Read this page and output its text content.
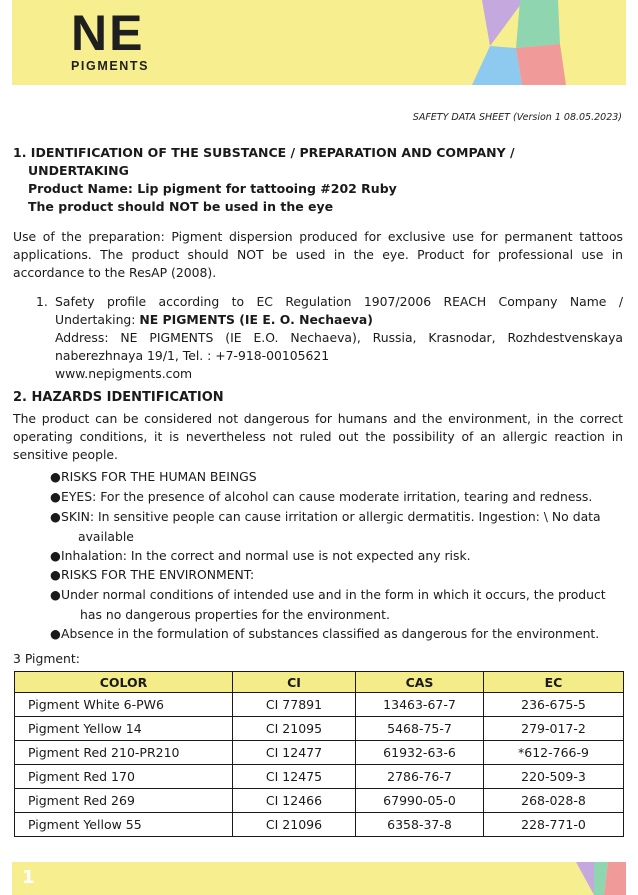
NE
PIGMENTS
SAFETY DATA SHEET (Version 1 08.05.2023)
1. IDENTIFICATION OF THE SUBSTANCE / PREPARATION AND COMPANY /
UNDERTAKING
Product Name: Lip pigment for tattooing #202 Ruby
The product should NOT be used in the eye
Use of the preparation: Pigment dispersion produced for exclusive use for permanent tattoos applications. The product should NOT be used in the eye. Product for professional use in accordance to the ResAP (2008).
1. Safety profile according to EC Regulation 1907/2006 REACH Company Name /
Undertaking: NE PIGMENTS (IE E. O. Nechaeva)
Address: NE PIGMENTS (IE E.O. Nechaeva), Russia, Krasnodar, Rozhdestvenskaya
naberezhnaya 19/1, Tel. : +7-918-00105621
www.nepigments.com
2. HAZARDS IDENTIFICATION
The product can be considered not dangerous for humans and the environment, in the correct operating conditions, it is nevertheless not ruled out the possibility of an allergic reaction in sensitive people.
●RISKS FOR THE HUMAN BEINGS
●EYES: For the presence of alcohol can cause moderate irritation, tearing and redness.
●SKIN: In sensitive people can cause irritation or allergic dermatitis. Ingestion: \ No data
available
●Inhalation: In the correct and normal use is not expected any risk.
●RISKS FOR THE ENVIRONMENT:
●Under normal conditions of intended use and in the form in which it occurs, the product
has no dangerous properties for the environment.
●Absence in the formulation of substances classified as dangerous for the environment.
3 Pigment:
COLOR	CI	CAS	EC
Pigment White 6-PW6	CI 77891	13463-67-7	236-675-5
Pigment Yellow 14	CI 21095	5468-75-7	279-017-2
Pigment Red 210-PR210	CI 12477	61932-63-6	*612-766-9
Pigment Red 170	CI 12475	2786-76-7	220-509-3
Pigment Red 269	CI 12466	67990-05-0	268-028-8
Pigment Yellow 55	CI 21096	6358-37-8	228-771-0
1
